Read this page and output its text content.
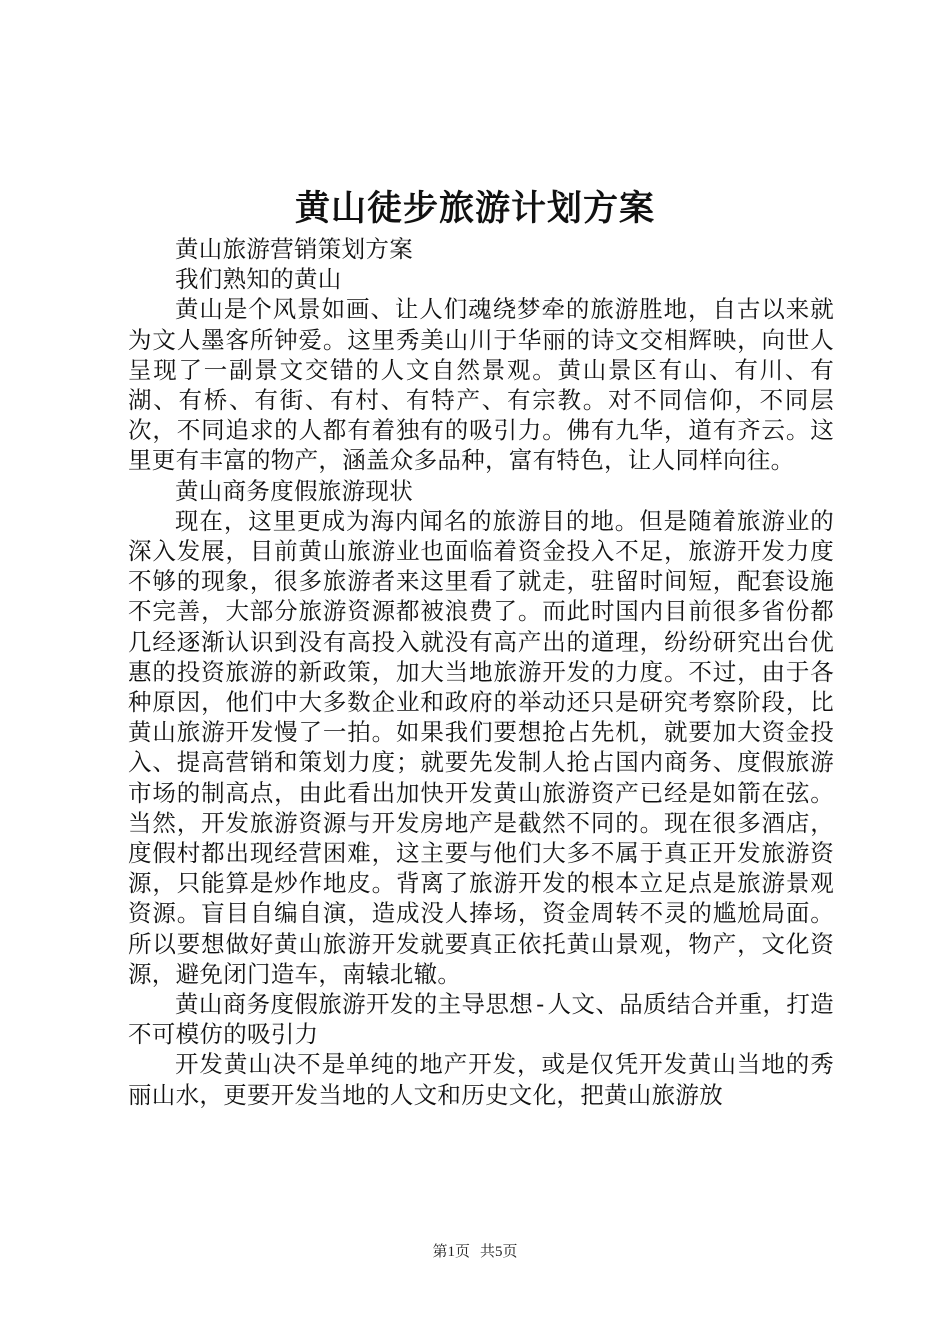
黄山徒步旅游计划方案

黄山旅游营销策划方案

我们熟知的黄山

黄山是个风景如画、让人们魂绕梦牵的旅游胜地，自古以来就为文人墨客所钟爱。这里秀美山川于华丽的诗文交相辉映，向世人呈现了一副景文交错的人文自然景观。黄山景区有山、有川、有湖、有桥、有街、有村、有特产、有宗教。对不同信仰，不同层次，不同追求的人都有着独有的吸引力。佛有九华，道有齐云。这里更有丰富的物产，涵盖众多品种，富有特色，让人同样向往。

黄山商务度假旅游现状

现在，这里更成为海内闻名的旅游目的地。但是随着旅游业的深入发展，目前黄山旅游业也面临着资金投入不足，旅游开发力度不够的现象，很多旅游者来这里看了就走，驻留时间短，配套设施不完善，大部分旅游资源都被浪费了。而此时国内目前很多省份都几经逐渐认识到没有高投入就没有高产出的道理，纷纷研究出台优惠的投资旅游的新政策，加大当地旅游开发的力度。不过，由于各种原因，他们中大多数企业和政府的举动还只是研究考察阶段，比黄山旅游开发慢了一拍。如果我们要想抢占先机，就要加大资金投入、提高营销和策划力度；就要先发制人抢占国内商务、度假旅游市场的制高点，由此看出加快开发黄山旅游资产已经是如箭在弦。当然，开发旅游资源与开发房地产是截然不同的。现在很多酒店，度假村都出现经营困难，这主要与他们大多不属于真正开发旅游资源，只能算是炒作地皮。背离了旅游开发的根本立足点是旅游景观资源。盲目自编自演，造成没人捧场，资金周转不灵的尴尬局面。所以要想做好黄山旅游开发就要真正依托黄山景观，物产，文化资源，避免闭门造车，南辕北辙。

黄山商务度假旅游开发的主导思想-人文、品质结合并重，打造不可模仿的吸引力

开发黄山决不是单纯的地产开发，或是仅凭开发黄山当地的秀丽山水，更要开发当地的人文和历史文化，把黄山旅游放

第1页 共5页
